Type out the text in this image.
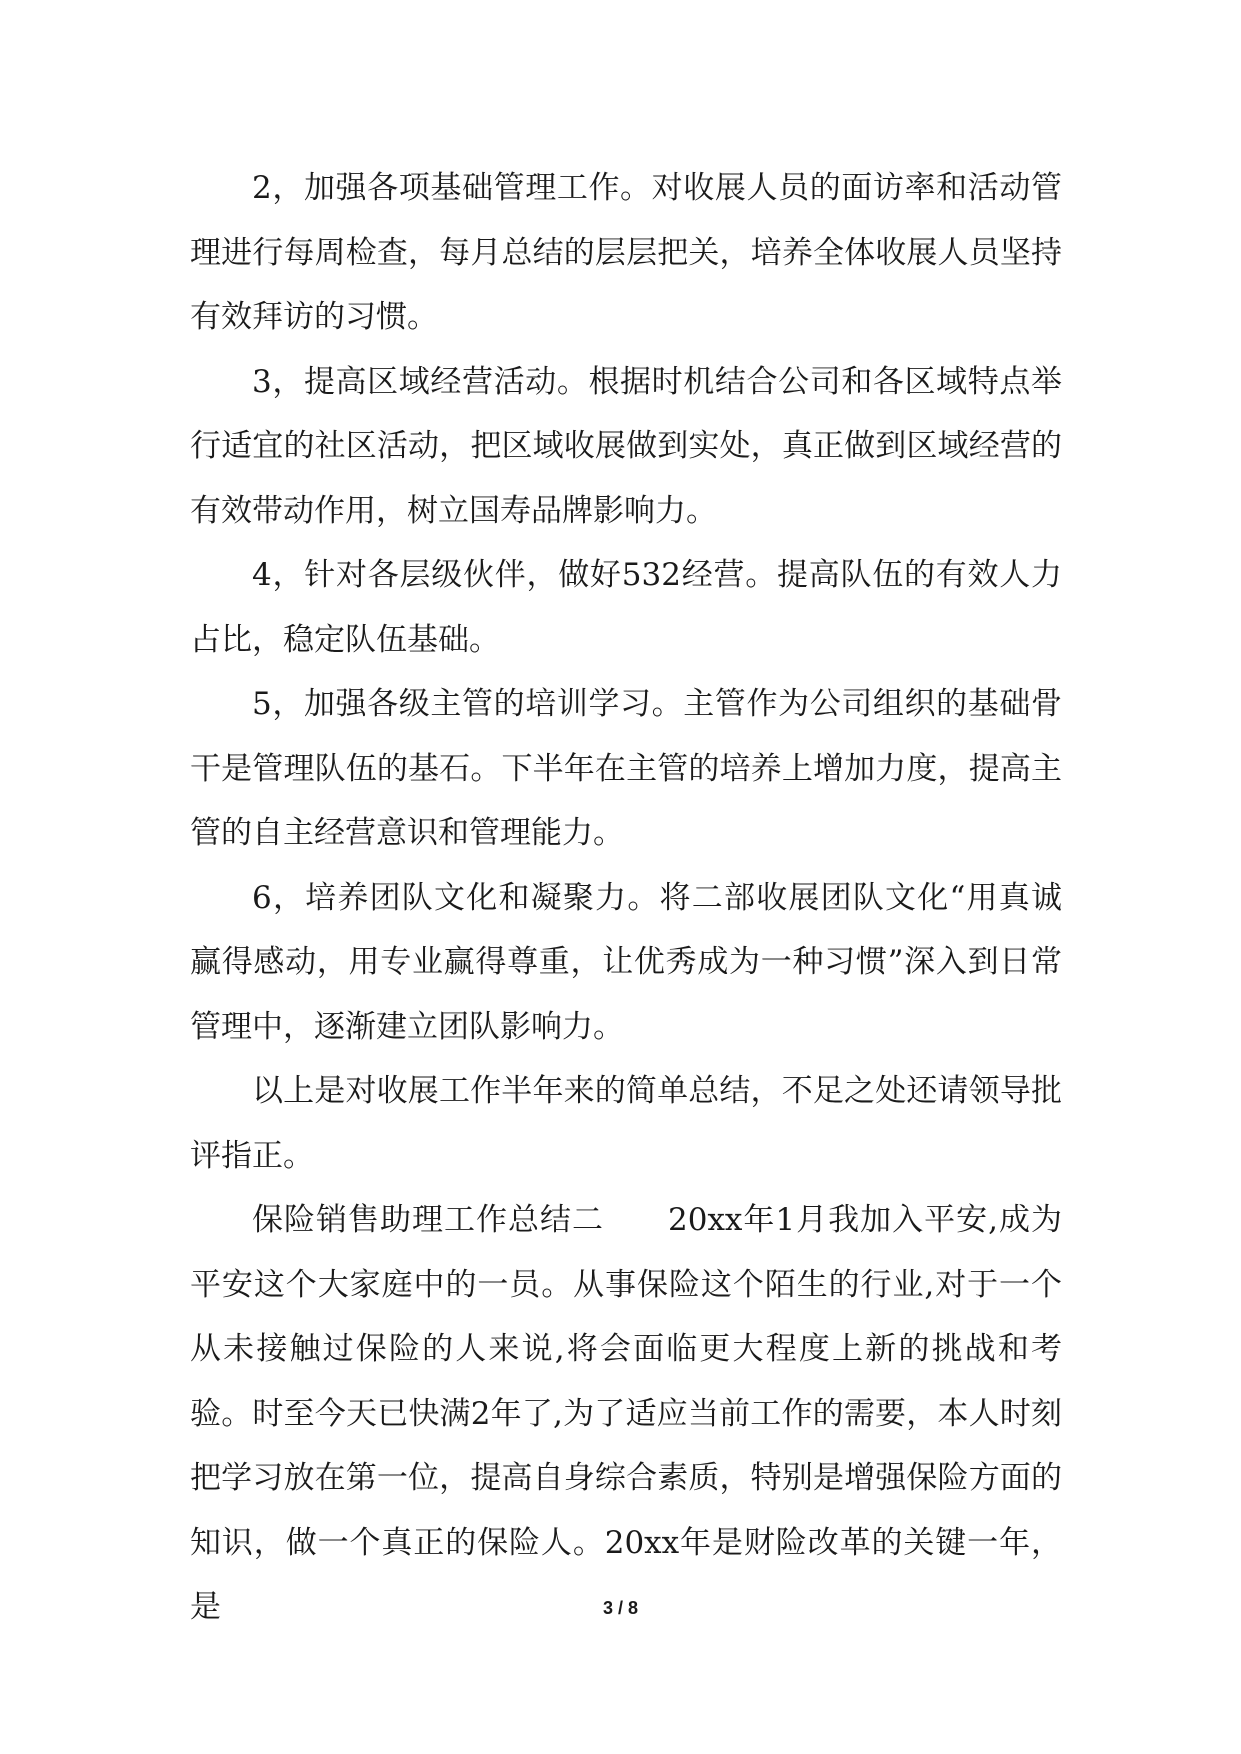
2，加强各项基础管理工作。对收展人员的面访率和活动管理进行每周检查，每月总结的层层把关，培养全体收展人员坚持有效拜访的习惯。

3，提高区域经营活动。根据时机结合公司和各区域特点举行适宜的社区活动，把区域收展做到实处，真正做到区域经营的有效带动作用，树立国寿品牌影响力。

4，针对各层级伙伴，做好532经营。提高队伍的有效人力占比，稳定队伍基础。

5，加强各级主管的培训学习。主管作为公司组织的基础骨干是管理队伍的基石。下半年在主管的培养上增加力度，提高主管的自主经营意识和管理能力。

6，培养团队文化和凝聚力。将二部收展团队文化“用真诚赢得感动，用专业赢得尊重，让优秀成为一种习惯”深入到日常管理中，逐渐建立团队影响力。

以上是对收展工作半年来的简单总结，不足之处还请领导批评指正。

保险销售助理工作总结二　　20xx年1月我加入平安,成为平安这个大家庭中的一员。从事保险这个陌生的行业,对于一个从未接触过保险的人来说,将会面临更大程度上新的挑战和考验。时至今天已快满2年了,为了适应当前工作的需要，本人时刻把学习放在第一位，提高自身综合素质，特别是增强保险方面的知识，做一个真正的保险人。20xx年是财险改革的关键一年，是	3 / 8
